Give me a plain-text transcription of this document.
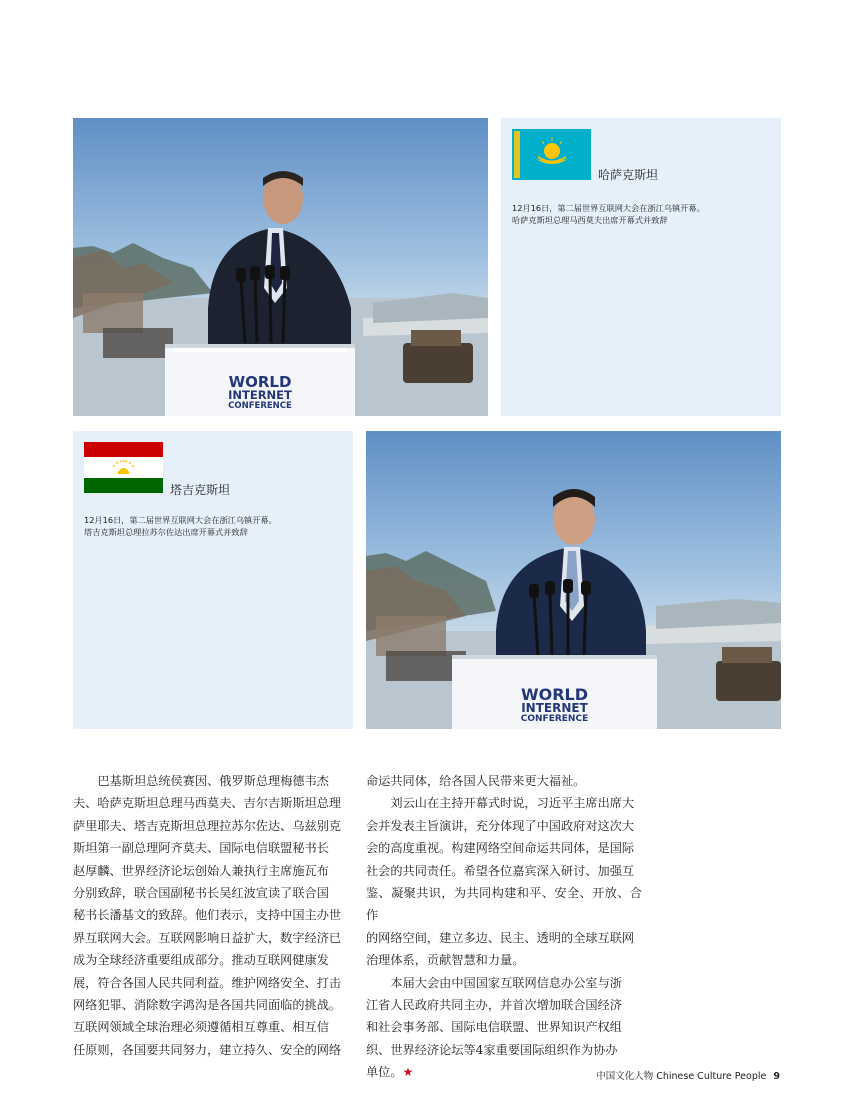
WORLD
INTERNET
CONFERENCE
哈萨克斯坦
12月16日，第二届世界互联网大会在浙江乌镇开幕。
哈萨克斯坦总理马西莫夫出席开幕式并致辞
塔吉克斯坦
12月16日，第二届世界互联网大会在浙江乌镇开幕。
塔吉克斯坦总理拉苏尔佐达出席开幕式并致辞
WORLD
INTERNET
CONFERENCE
巴基斯坦总统侯赛因、俄罗斯总理梅德韦杰
夫、哈萨克斯坦总理马西莫夫、吉尔吉斯斯坦总理
萨里耶夫、塔吉克斯坦总理拉苏尔佐达、乌兹别克
斯坦第一副总理阿齐莫夫、国际电信联盟秘书长
赵厚麟、世界经济论坛创始人兼执行主席施瓦布
分别致辞，联合国副秘书长吴红波宣读了联合国
秘书长潘基文的致辞。他们表示，支持中国主办世
界互联网大会。互联网影响日益扩大，数字经济已
成为全球经济重要组成部分。推动互联网健康发
展，符合各国人民共同利益。维护网络安全、打击
网络犯罪、消除数字鸿沟是各国共同面临的挑战。
互联网领域全球治理必须遵循相互尊重、相互信
任原则，各国要共同努力，建立持久、安全的网络
命运共同体，给各国人民带来更大福祉。
刘云山在主持开幕式时说，习近平主席出席大
会并发表主旨演讲，充分体现了中国政府对这次大
会的高度重视。构建网络空间命运共同体，是国际
社会的共同责任。希望各位嘉宾深入研讨、加强互
鉴、凝聚共识，为共同构建和平、安全、开放、合作
的网络空间，建立多边、民主、透明的全球互联网
治理体系，贡献智慧和力量。
本届大会由中国国家互联网信息办公室与浙
江省人民政府共同主办，并首次增加联合国经济
和社会事务部、国际电信联盟、世界知识产权组
织、世界经济论坛等4家重要国际组织作为协办
单位。★	中国文化人物 Chinese Culture People 9
